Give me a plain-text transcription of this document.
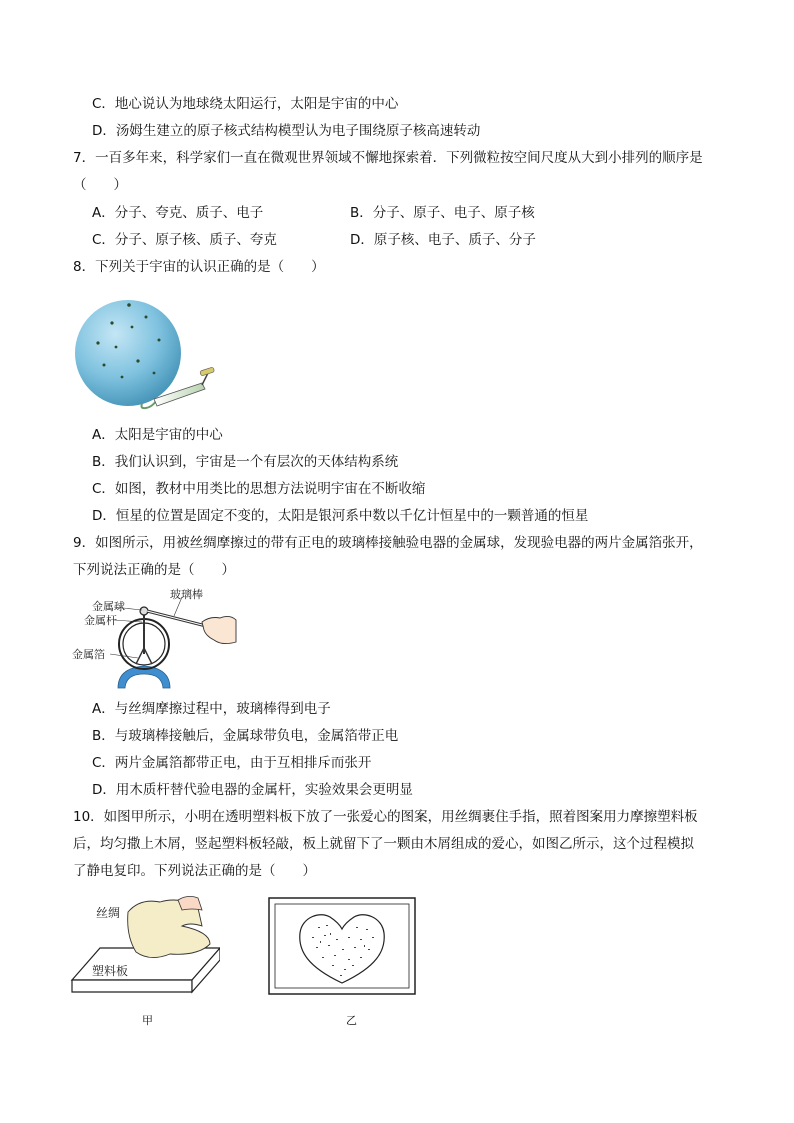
C．地心说认为地球绕太阳运行，太阳是宇宙的中心
D．汤姆生建立的原子核式结构模型认为电子围绕原子核高速转动
7．一百多年来，科学家们一直在微观世界领域不懈地探索着．下列微粒按空间尺度从大到小排列的顺序是
（　　）
A．分子、夸克、质子、电子	B．分子、原子、电子、原子核
C．分子、原子核、质子、夸克	D．原子核、电子、质子、分子
8．下列关于宇宙的认识正确的是（　　）
A．太阳是宇宙的中心
B．我们认识到，宇宙是一个有层次的天体结构系统
C．如图，教材中用类比的思想方法说明宇宙在不断收缩
D．恒星的位置是固定不变的，太阳是银河系中数以千亿计恒星中的一颗普通的恒星
9．如图所示，用被丝绸摩擦过的带有正电的玻璃棒接触验电器的金属球，发现验电器的两片金属箔张开，
下列说法正确的是（　　）
金属球
金属杆
金属箔
玻璃棒
A．与丝绸摩擦过程中，玻璃棒得到电子
B．与玻璃棒接触后，金属球带负电，金属箔带正电
C．两片金属箔都带正电，由于互相排斥而张开
D．用木质杆替代验电器的金属杆，实验效果会更明显
10．如图甲所示，小明在透明塑料板下放了一张爱心的图案，用丝绸裹住手指，照着图案用力摩擦塑料板
后，均匀撒上木屑，竖起塑料板轻敲，板上就留下了一颗由木屑组成的爱心，如图乙所示，这个过程模拟
了静电复印。下列说法正确的是（　　）
丝绸
塑料板
甲	乙
